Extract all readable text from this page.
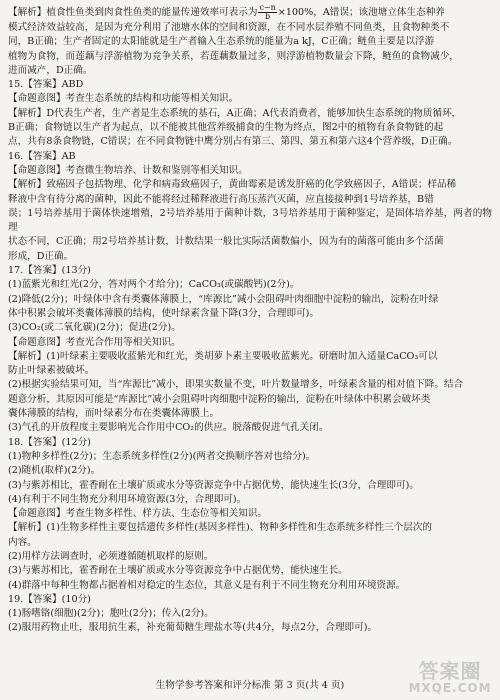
【解析】植食性鱼类到肉食性鱼类的能量传递效率可表示为 $\frac{c-n}{b} \times 100\%$，A错误；该池塘立体生态种养

模式经济效益较高，是因为充分利用了池塘水体的空间和资源，在不同水层养殖不同鱼类，且食物种类不

同，B正确；生产者固定的太阳能就是生产者输入生态系统的能量为a kJ，C正确；鲢鱼主要是以浮游

植物为食物，而莲藕与浮游植物为竞争关系，若莲藕数量过多，则浮游植物数量会下降，鲢鱼的食物减少，

进而减产，D正确。

15.【答案】ABD

【命题意图】考查生态系统的结构和功能等相关知识。

【解析】D代表生产者，生产者是生态系统的基石，A正确；A代表消费者，能够加快生态系统的物质循环，

B正确；食物链以生产者为起点，以不能被其他营养级捕食的生物为终点，图2中的植物有条食物链的起

点，共有8条食物链，C错误；在不同食物链中鹰分别占有第三、第四、第五和第六这4个营养级，D正确。

16.【答案】AB

【命题意图】考查微生物培养、计数和鉴别等相关知识。

【解析】致癌因子包括物理、化学和病毒致癌因子，黄曲霉素是诱发肝癌的化学致癌因子，A错误；样品稀

释液中含有待分离的菌种，因此不能将经过稀释液进行高压蒸汽灭菌，应直接接种到1号培养基，B错

误；1号培养基用于菌体快速增殖，2号培养基用于菌种计数，3号培养基用于菌种鉴定，是固体培养基，两者的物理

状态不同，C正确；用2号培养基计数，计数结果一般比实际活菌数偏小，因为有的菌落可能由多个活菌

形成，D正确。

17.【答案】(13分)

(1)蓝紫光和红光(2分，答对两个才给分)；CaCO₃(或碳酸钙)(2分)。

(2)降低(2分)；叶绿体中含有类囊体薄膜上，“库源比”减小会阻碍叶肉细胞中淀粉的输出，淀粉在叶绿

体中积累会破坏类囊体薄膜的结构，使叶绿素含量下降(3分，合理即可)。

(3)CO₂(或二氧化碳)(2分)；促进(2分)。

【命题意图】考查光合作用等相关知识。

【解析】(1)叶绿素主要吸收蓝紫光和红光，类胡萝卜素主要吸收蓝紫光。研磨时加入适量CaCO₃可以

防止叶绿素被破坏。

(2)根据实验结果可知，当“库源比”减小，即果实数量不变，叶片数量增多，叶绿素含量的相对值下降。结合

题意分析，其原因可能是“库源比”减小会阻碍叶肉细胞中淀粉的输出，淀粉在叶绿体中积累会破坏类

囊体薄膜的结构，而叶绿素分布在类囊体薄膜上。

(3)气孔的开放程度主要影响光合作用中CO₂的供应。脱落酸促进气孔关闭。

18.【答案】(12分)

(1)物种多样性(2分)；生态系统多样性(2分)(两者交换顺序答对也给分)。

(2)随机(取样)(2分)。

(3)与紫苏相比，霍香耐在土壤矿质或水分等资源竞争中占据优势，能快速生长(3分，合理即可)。

(4)有利于不同生物充分利用环境资源(3分，合理即可)。

【命题意图】考查生物多样性、样方法、生态位等相关知识。

【解析】(1)生物多样性主要包括遗传多样性(基因多样性)、物种多样性和生态系统多样性三个层次的

内容。

(2)用样方法调查时，必须遵循随机取样的原则。

(3)与紫苏相比，霍香耐在土壤矿质或水分等资源竞争中占据优势，能快速生长。

(4)群落中每种生物都占据着相对稳定的生态位，其意义是有利于不同生物充分利用环境资源。

19.【答案】(10分)

(1)肠嗜铬(细胞)(2分)；胞吐(2分)；传入(2分)。

(2)服用药物止吐，服用抗生素，补充葡萄糖生理盐水等(共4分，每点2分，合理即可)。

生物学参考答案和评分标准 第 3 页(共 4 页)
答案圈
MXQE.COM
